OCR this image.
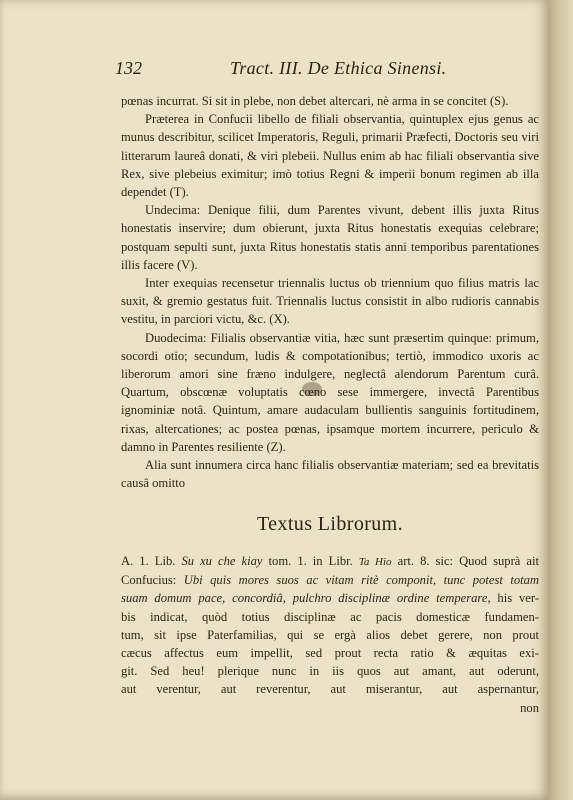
132	Tract. III. De Ethica Sinensi.

pœnas incurrat. Si sit in plebe, non debet altercari, nè arma in se concitet (S).

Præterea in Confucii libello de filiali observantia, quintuplex ejus genus ac munus describitur, scilicet Imperatoris, Reguli, primarii Præfecti, Doctoris seu viri litterarum laureâ donati, & viri plebeii. Nullus enim ab hac filiali observantia sive Rex, sive plebeius eximitur; imò totius Regni & imperii bonum regimen ab illa dependet (T).

Undecima: Denique filii, dum Parentes vivunt, debent illis juxta Ritus honestatis inservire; dum obierunt, juxta Ritus honestatis exequias celebrare; postquam sepulti sunt, juxta Ritus honestatis statis anni temporibus parentationes illis facere (V).

Inter exequias recensetur triennalis luctus ob triennium quo filius matris lac suxit, & gremio gestatus fuit. Triennalis luctus consistit in albo rudioris cannabis vestitu, in parciori victu, &c. (X).

Duodecima: Filialis observantiæ vitia, hæc sunt præsertim quinque: primum, socordi otio; secundum, ludis & compotationibus; tertiò, immodico uxoris ac liberorum amori sine fræno indulgere, neglectâ alendorum Parentum curâ. Quartum, obscœnæ voluptatis cœno sese immergere, invectâ Parentibus ignominiæ notâ. Quintum, amare audaculam bullientis sanguinis fortitudinem, rixas, altercationes; ac postea pœnas, ipsamque mortem incurrere, periculo & damno in Parentes resiliente (Z).

Alia sunt innumera circa hanc filialis observantiæ materiam; sed ea brevitatis causâ omitto

Textus Librorum.
A. 1. Lib. Su xu che kiay tom. 1. in Libr. Ta Hio art. 8. sic: Quod suprà ait
Confucius: Ubi quis mores suos ac vitam ritè componit, tunc potest totam
suam domum pace, concordiâ, pulchro disciplinæ ordine temperare, his ver-
bis indicat, quòd totius disciplinæ ac pacis domesticæ fundamen-
tum, sit ipse Paterfamilias, qui se ergà alios debet gerere, non prout
cæcus affectus eum impellit, sed prout recta ratio & æquitas exi-
git. Sed heu! plerique nunc in iis quos aut amant, aut oderunt,
aut verentur, aut reverentur, aut miserantur, aut aspernantur,
non
